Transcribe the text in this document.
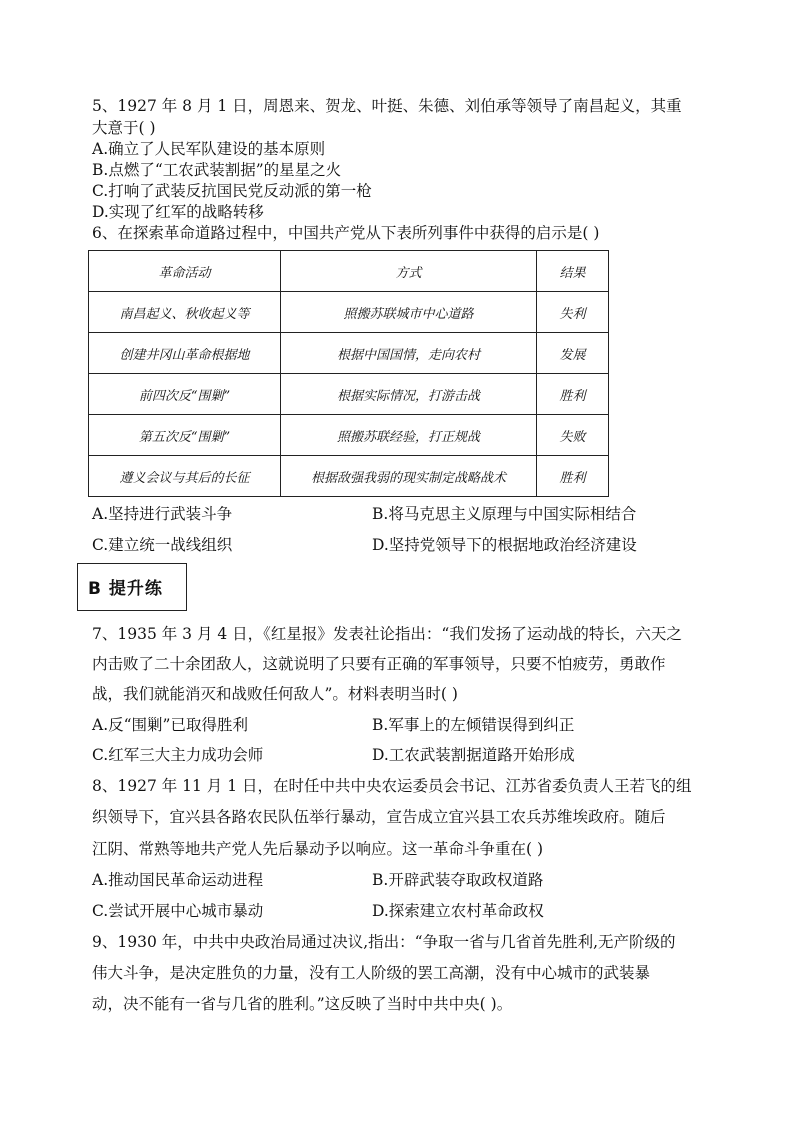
5、1927 年 8 月 1 日，周恩来、贺龙、叶挺、朱德、刘伯承等领导了南昌起义，其重
大意于( )
A.确立了人民军队建设的基本原则
B.点燃了“工农武装割据”的星星之火
C.打响了武装反抗国民党反动派的第一枪
D.实现了红军的战略转移
6、在探索革命道路过程中，中国共产党从下表所列事件中获得的启示是( )
革命活动	方式	结果
南昌起义、秋收起义等	照搬苏联城市中心道路	失利
创建井冈山革命根据地	根据中国国情，走向农村	发展
前四次反“围剿”	根据实际情况，打游击战	胜利
第五次反“围剿”	照搬苏联经验，打正规战	失败
遵义会议与其后的长征	根据敌强我弱的现实制定战略战术	胜利
A.坚持进行武装斗争	B.将马克思主义原理与中国实际相结合
C.建立统一战线组织	D.坚持党领导下的根据地政治经济建设
B 提升练
7、1935 年 3 月 4 日，《红星报》发表社论指出：“我们发扬了运动战的特长，六天之
内击败了二十余团敌人，这就说明了只要有正确的军事领导，只要不怕疲劳，勇敢作
战，我们就能消灭和战败任何敌人”。材料表明当时( )
A.反“围剿”已取得胜利	B.军事上的左倾错误得到纠正
C.红军三大主力成功会师	D.工农武装割据道路开始形成
8、1927 年 11 月 1 日，在时任中共中央农运委员会书记、江苏省委负责人王若飞的组
织领导下，宜兴县各路农民队伍举行暴动，宣告成立宜兴县工农兵苏维埃政府。随后
江阴、常熟等地共产党人先后暴动予以响应。这一革命斗争重在( )
A.推动国民革命运动进程	B.开辟武装夺取政权道路
C.尝试开展中心城市暴动	D.探索建立农村革命政权
9、1930 年，中共中央政治局通过决议,指出：“争取一省与几省首先胜利,无产阶级的
伟大斗争，是决定胜负的力量，没有工人阶级的罢工高潮，没有中心城市的武装暴
动，决不能有一省与几省的胜利。”这反映了当时中共中央( )。
